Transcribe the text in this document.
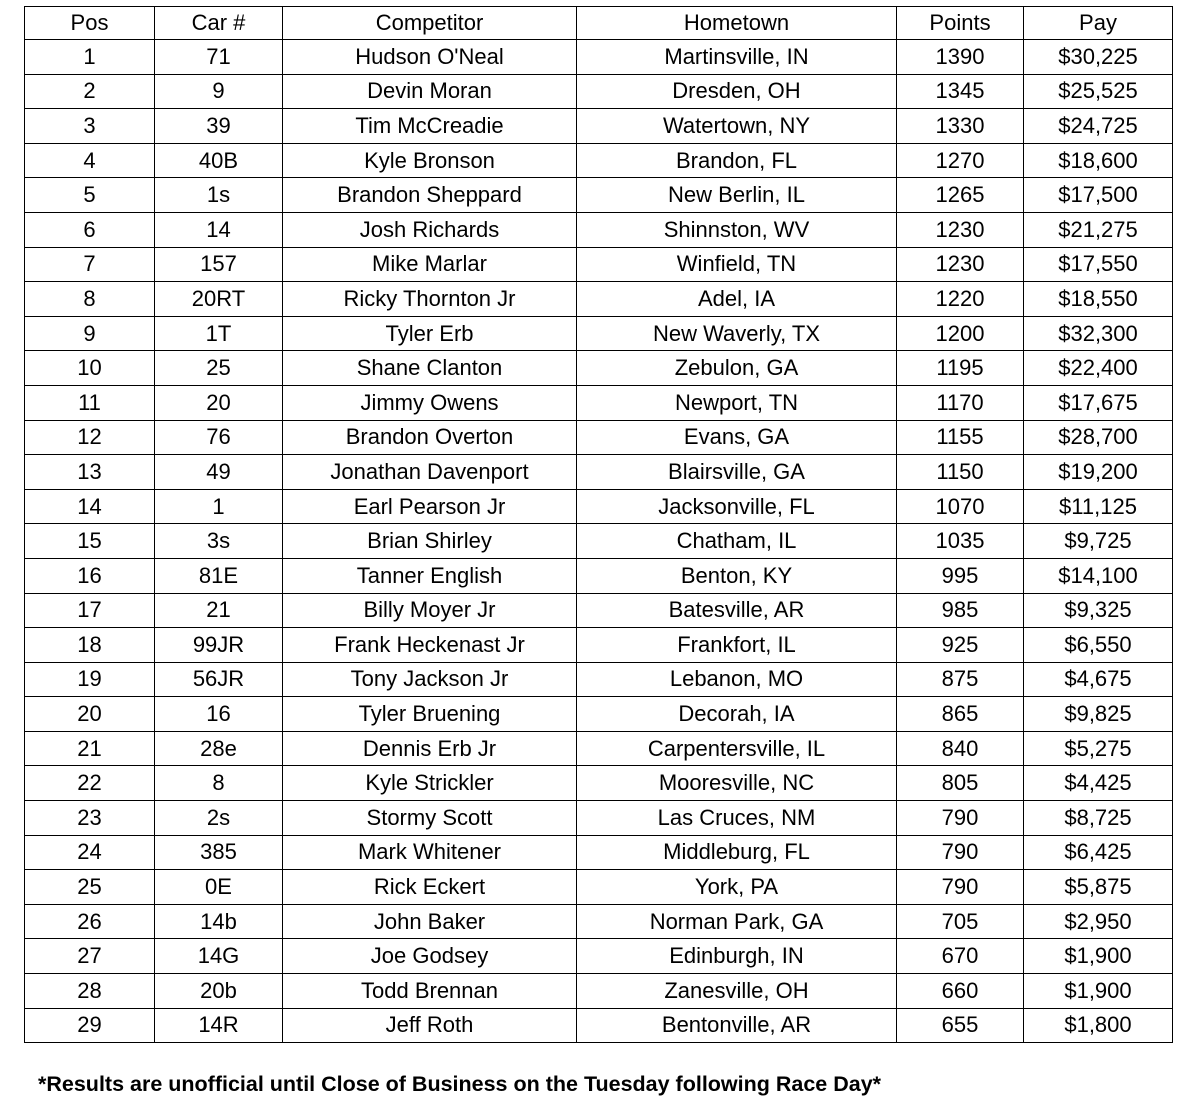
Pos	Car #	Competitor	Hometown	Points	Pay
1	71	Hudson O'Neal	Martinsville, IN	1390	$30,225
2	9	Devin Moran	Dresden, OH	1345	$25,525
3	39	Tim McCreadie	Watertown, NY	1330	$24,725
4	40B	Kyle Bronson	Brandon, FL	1270	$18,600
5	1s	Brandon Sheppard	New Berlin, IL	1265	$17,500
6	14	Josh Richards	Shinnston, WV	1230	$21,275
7	157	Mike Marlar	Winfield, TN	1230	$17,550
8	20RT	Ricky Thornton Jr	Adel, IA	1220	$18,550
9	1T	Tyler Erb	New Waverly, TX	1200	$32,300
10	25	Shane Clanton	Zebulon, GA	1195	$22,400
11	20	Jimmy Owens	Newport, TN	1170	$17,675
12	76	Brandon Overton	Evans, GA	1155	$28,700
13	49	Jonathan Davenport	Blairsville, GA	1150	$19,200
14	1	Earl Pearson Jr	Jacksonville, FL	1070	$11,125
15	3s	Brian Shirley	Chatham, IL	1035	$9,725
16	81E	Tanner English	Benton, KY	995	$14,100
17	21	Billy Moyer Jr	Batesville, AR	985	$9,325
18	99JR	Frank Heckenast Jr	Frankfort, IL	925	$6,550
19	56JR	Tony Jackson Jr	Lebanon, MO	875	$4,675
20	16	Tyler Bruening	Decorah, IA	865	$9,825
21	28e	Dennis Erb Jr	Carpentersville, IL	840	$5,275
22	8	Kyle Strickler	Mooresville, NC	805	$4,425
23	2s	Stormy Scott	Las Cruces, NM	790	$8,725
24	385	Mark Whitener	Middleburg, FL	790	$6,425
25	0E	Rick Eckert	York, PA	790	$5,875
26	14b	John Baker	Norman Park, GA	705	$2,950
27	14G	Joe Godsey	Edinburgh, IN	670	$1,900
28	20b	Todd Brennan	Zanesville, OH	660	$1,900
29	14R	Jeff Roth	Bentonville, AR	655	$1,800
*Results are unofficial until Close of Business on the Tuesday following Race Day*
